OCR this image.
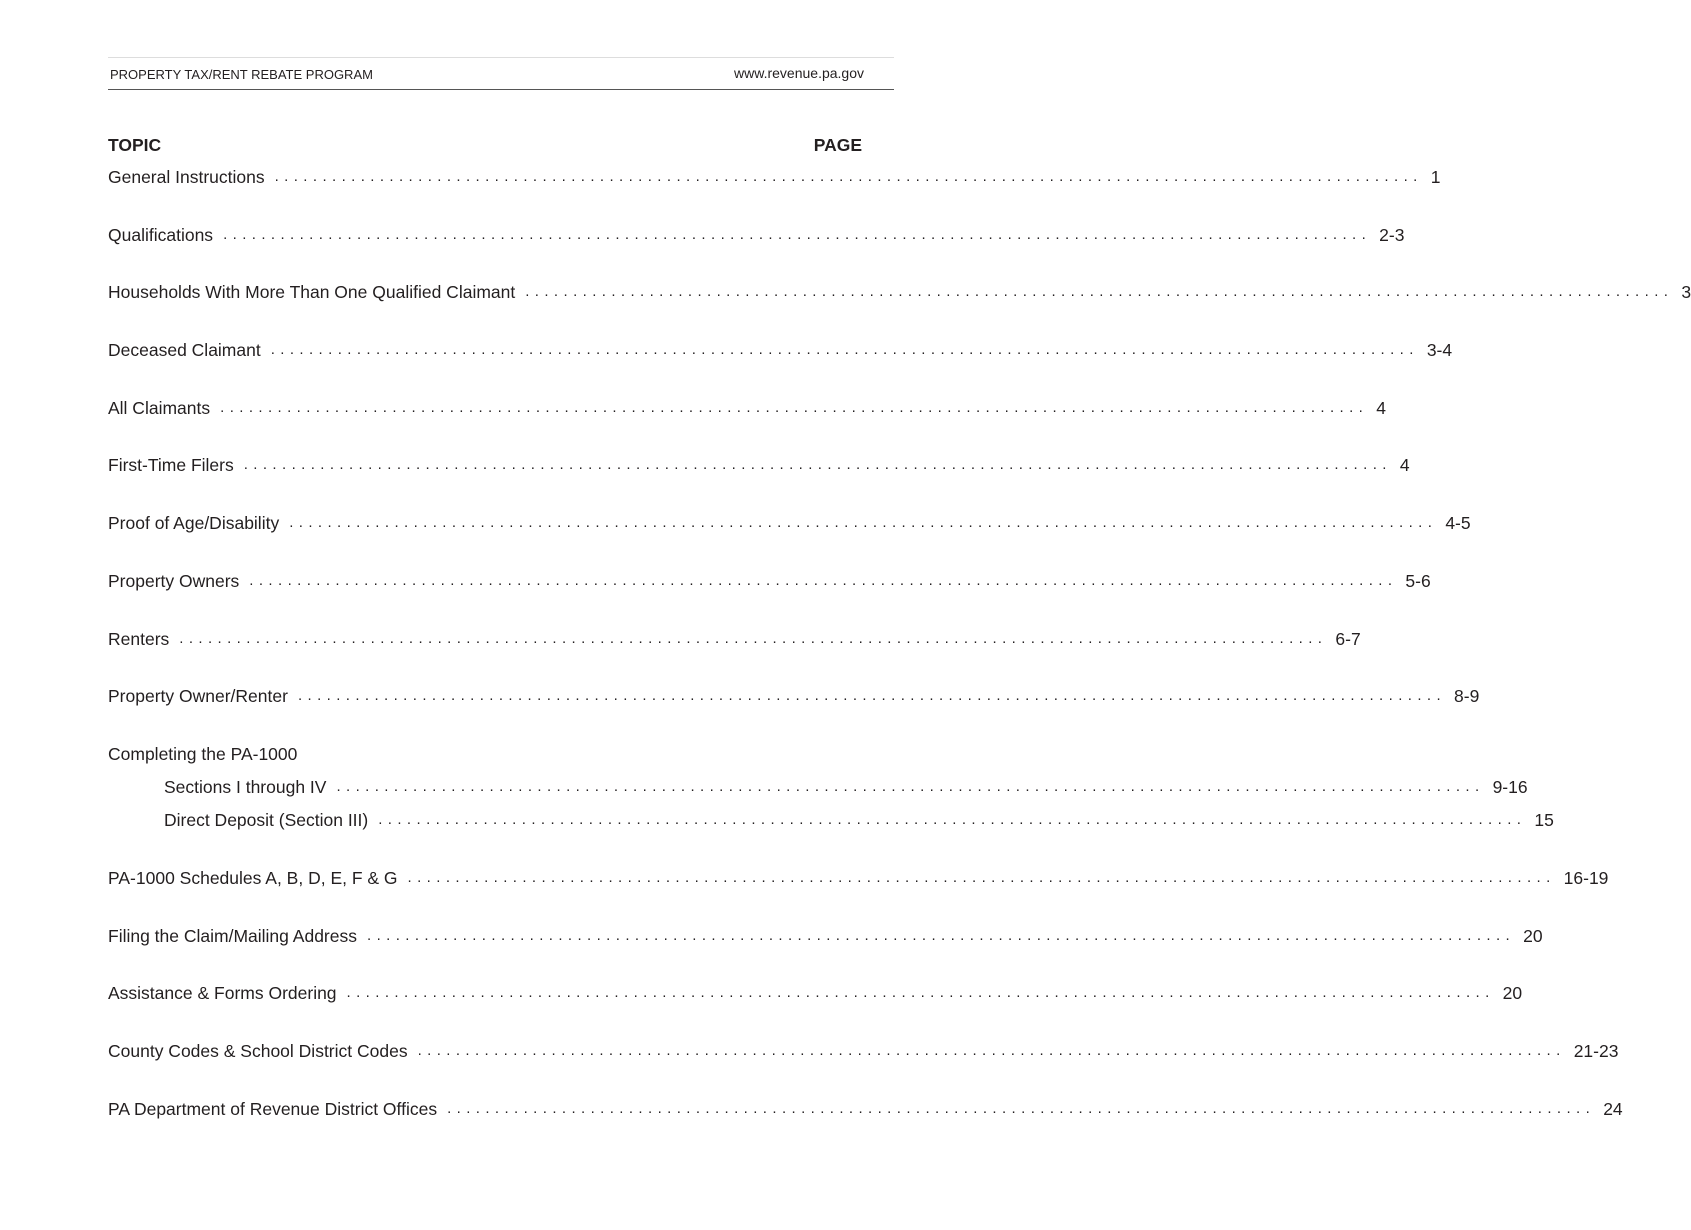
PROPERTY TAX/RENT REBATE PROGRAM	www.revenue.pa.gov
TOPIC	PAGE
General Instructions ........................................................................................................................ 1
Qualifications ........................................................................................................................ 2-3
Households With More Than One Qualified Claimant ........................................................................................................................ 3
Deceased Claimant ........................................................................................................................ 3-4
All Claimants ........................................................................................................................ 4
First-Time Filers ........................................................................................................................ 4
Proof of Age/Disability ........................................................................................................................ 4-5
Property Owners ........................................................................................................................ 5-6
Renters ........................................................................................................................ 6-7
Property Owner/Renter ........................................................................................................................ 8-9
Completing the PA-1000
Sections I through IV ........................................................................................................................ 9-16
Direct Deposit (Section III) ........................................................................................................................ 15
PA-1000 Schedules A, B, D, E, F & G ........................................................................................................................ 16-19
Filing the Claim/Mailing Address ........................................................................................................................ 20
Assistance & Forms Ordering ........................................................................................................................ 20
County Codes & School District Codes ........................................................................................................................ 21-23
PA Department of Revenue District Offices ........................................................................................................................ 24
